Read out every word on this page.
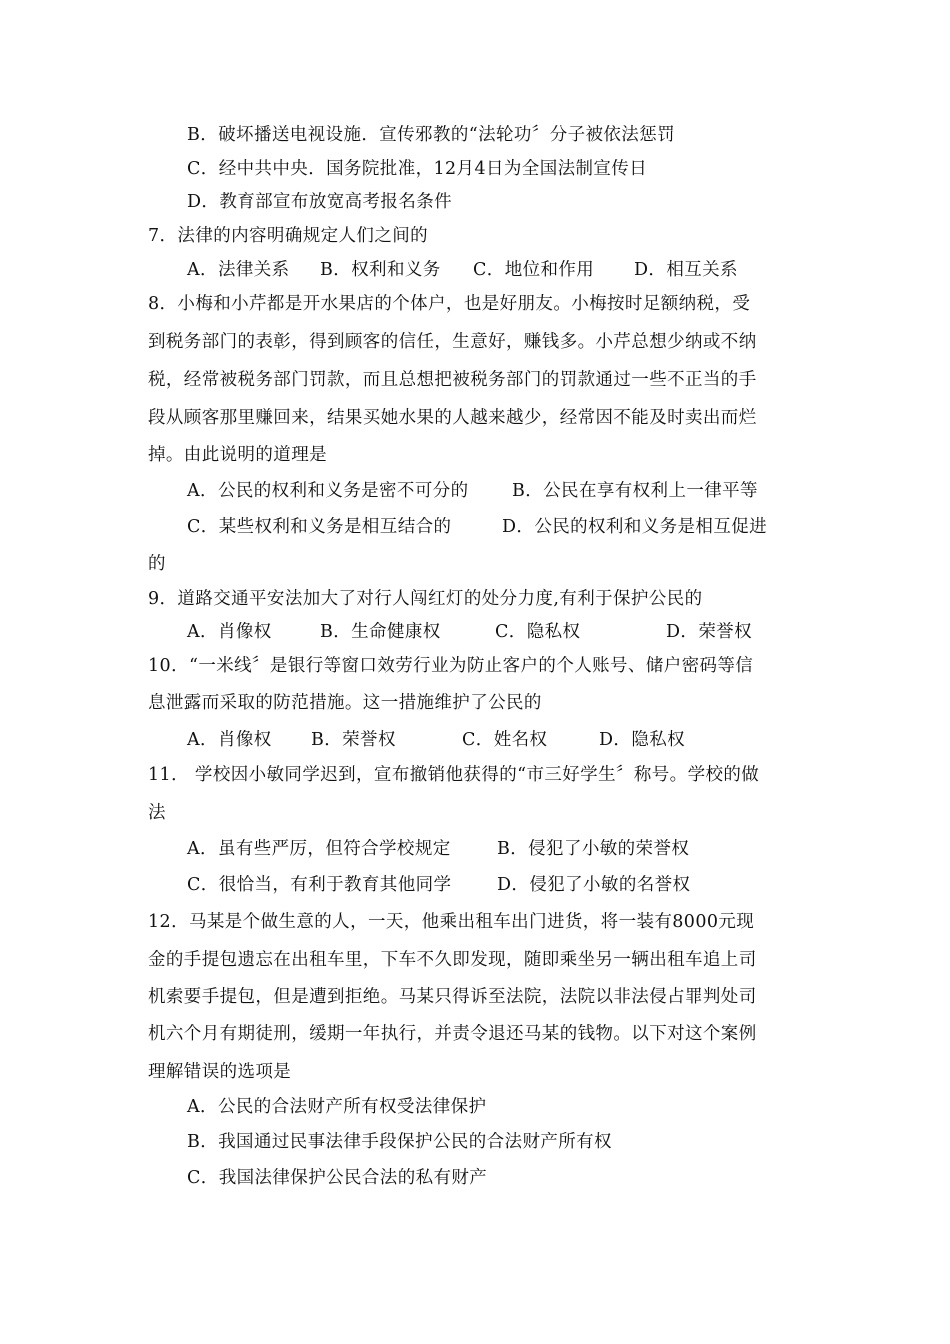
B．破坏播送电视设施．宣传邪教的“法轮功〞分子被依法惩罚
C．经中共中央．国务院批准，12月4日为全国法制宣传日
D．教育部宣布放宽高考报名条件
7．法律的内容明确规定人们之间的
A．法律关系 B．权利和义务 C．地位和作用 D．相互关系
8．小梅和小芹都是开水果店的个体户，也是好朋友。小梅按时足额纳税，受
到税务部门的表彰，得到顾客的信任，生意好，赚钱多。小芹总想少纳或不纳
税，经常被税务部门罚款，而且总想把被税务部门的罚款通过一些不正当的手
段从顾客那里赚回来，结果买她水果的人越来越少，经常因不能及时卖出而烂
掉。由此说明的道理是
A．公民的权利和义务是密不可分的 B．公民在享有权利上一律平等
C．某些权利和义务是相互结合的	D．公民的权利和义务是相互促进
的
9．道路交通平安法加大了对行人闯红灯的处分力度,有利于保护公民的
A．肖像权	B．生命健康权	C．隐私权	D．荣誉权
10．“一米线〞是银行等窗口效劳行业为防止客户的个人账号、储户密码等信
息泄露而采取的防范措施。这一措施维护了公民的
A．肖像权 B．荣誉权	C．姓名权	D．隐私权
11． 学校因小敏同学迟到，宣布撤销他获得的“市三好学生〞称号。学校的做
法
A．虽有些严厉，但符合学校规定	B．侵犯了小敏的荣誉权
C．很恰当，有利于教育其他同学	D．侵犯了小敏的名誉权
12．马某是个做生意的人，一天，他乘出租车出门进货，将一装有8000元现
金的手提包遗忘在出租车里，下车不久即发现，随即乘坐另一辆出租车追上司
机索要手提包，但是遭到拒绝。马某只得诉至法院，法院以非法侵占罪判处司
机六个月有期徒刑，缓期一年执行，并责令退还马某的钱物。以下对这个案例
理解错误的选项是
A．公民的合法财产所有权受法律保护
B．我国通过民事法律手段保护公民的合法财产所有权
C．我国法律保护公民合法的私有财产
